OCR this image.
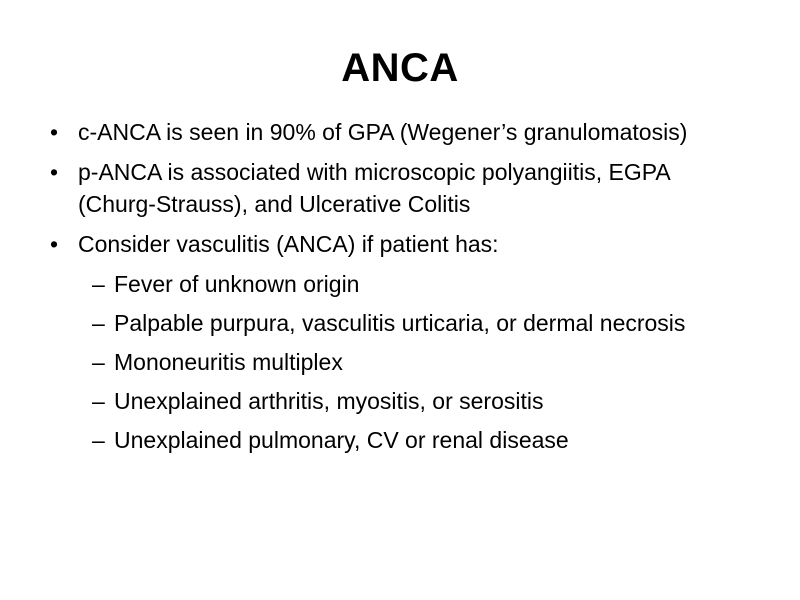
ANCA
• c-ANCA is seen in 90% of GPA (Wegener’s granulomatosis)
• p-ANCA is associated with microscopic polyangiitis, EGPA (Churg-Strauss), and Ulcerative Colitis
• Consider vasculitis (ANCA) if patient has:
– Fever of unknown origin
– Palpable purpura, vasculitis urticaria, or dermal necrosis
– Mononeuritis multiplex
– Unexplained arthritis, myositis, or serositis
– Unexplained pulmonary, CV or renal disease
